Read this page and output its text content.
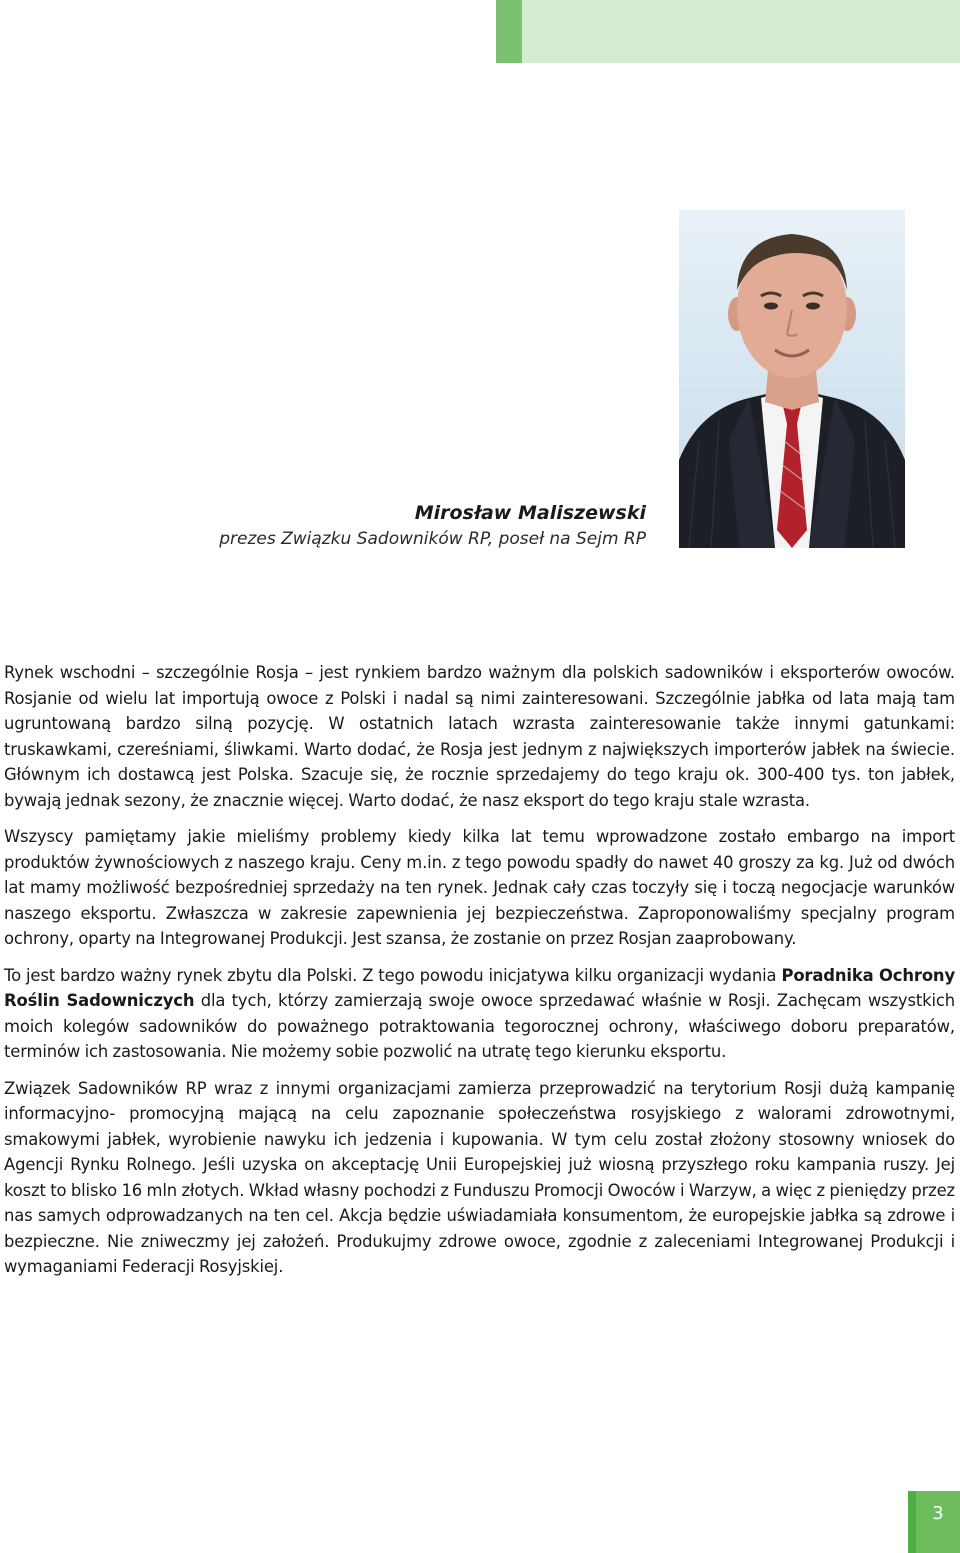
Mirosław Maliszewski
prezes Związku Sadowników RP, poseł na Sejm RP

Rynek wschodni – szczególnie Rosja – jest rynkiem bardzo ważnym dla polskich sadowników i eksporterów owoców. Rosjanie od wielu lat importują owoce z Polski i nadal są nimi zainteresowani. Szczególnie jabłka od lata mają tam ugruntowaną bardzo silną pozycję. W ostatnich latach wzrasta zainteresowanie także innymi gatunkami: truskawkami, czereśniami, śliwkami. Warto dodać, że Rosja jest jednym z największych importerów jabłek na świecie. Głównym ich dostawcą jest Polska. Szacuje się, że rocznie sprzedajemy do tego kraju ok. 300-400 tys. ton jabłek, bywają jednak sezony, że znacznie więcej. Warto dodać, że nasz eksport do tego kraju stale wzrasta.

Wszyscy pamiętamy jakie mieliśmy problemy kiedy kilka lat temu wprowadzone zostało embargo na import produktów żywnościowych z naszego kraju. Ceny m.in. z tego powodu spadły do nawet 40 groszy za kg. Już od dwóch lat mamy możliwość bezpośredniej sprzedaży na ten rynek. Jednak cały czas toczyły się i toczą negocjacje warunków naszego eksportu. Zwłaszcza w zakresie zapewnienia jej bezpieczeństwa. Zaproponowaliśmy specjalny program ochrony, oparty na Integrowanej Produkcji. Jest szansa, że zostanie on przez Rosjan zaaprobowany.

To jest bardzo ważny rynek zbytu dla Polski. Z tego powodu inicjatywa kilku organizacji wydania Poradnika Ochrony Roślin Sadowniczych dla tych, którzy zamierzają swoje owoce sprzedawać właśnie w Rosji. Zachęcam wszystkich moich kolegów sadowników do poważnego potraktowania tegorocznej ochrony, właściwego doboru preparatów, terminów ich zastosowania. Nie możemy sobie pozwolić na utratę tego kierunku eksportu.

Związek Sadowników RP wraz z innymi organizacjami zamierza przeprowadzić na terytorium Rosji dużą kampanię informacyjno- promocyjną mającą na celu zapoznanie społeczeństwa rosyjskiego z walorami zdrowotnymi, smakowymi jabłek, wyrobienie nawyku ich jedzenia i kupowania. W tym celu został złożony stosowny wniosek do Agencji Rynku Rolnego. Jeśli uzyska on akceptację Unii Europejskiej już wiosną przyszłego roku kampania ruszy. Jej koszt to blisko 16 mln złotych. Wkład własny pochodzi z Funduszu Promocji Owoców i Warzyw, a więc z pieniędzy przez nas samych odprowadzanych na ten cel. Akcja będzie uświadamiała konsumentom, że europejskie jabłka są zdrowe i bezpieczne. Nie zniweczmy jej założeń. Produkujmy zdrowe owoce, zgodnie z zaleceniami Integrowanej Produkcji i wymaganiami Federacji Rosyjskiej.

3
